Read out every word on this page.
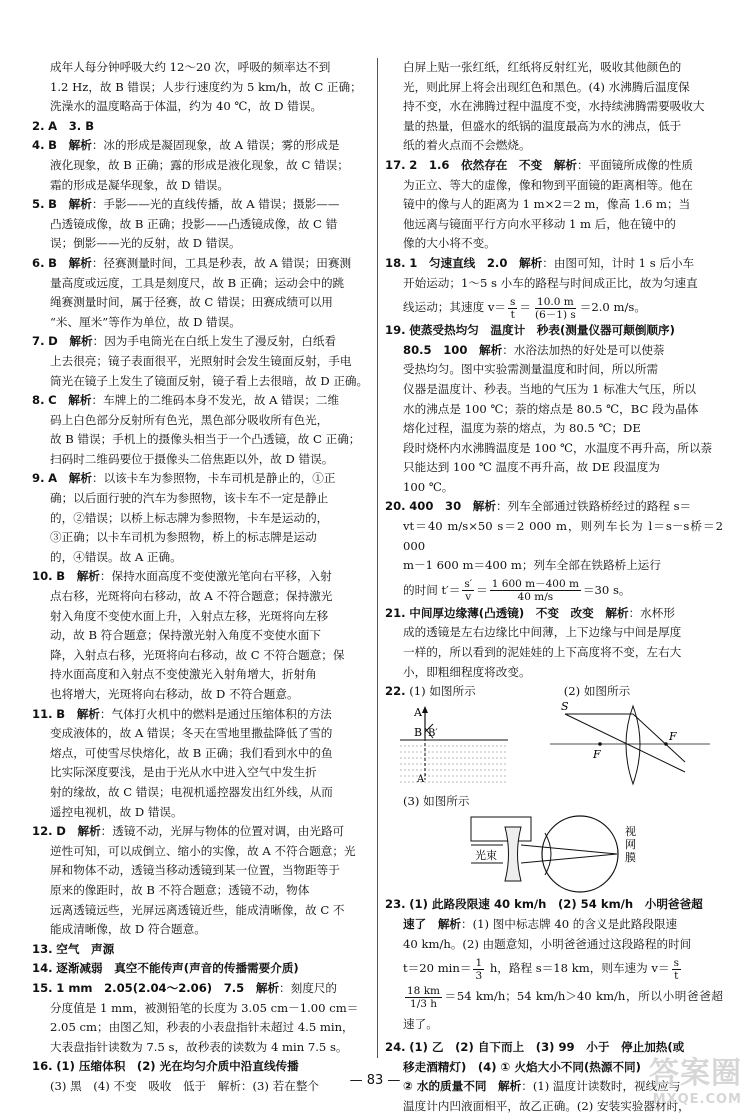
成年人每分钟呼吸大约 12～20 次，呼吸的频率达不到

1.2 Hz，故 B 错误；人步行速度约为 5 km/h，故 C 正确；

洗澡水的温度略高于体温，约为 40 ℃，故 D 错误。

2. A　3. B

4. B　 解析：冰的形成是凝固现象，故 A 错误；雾的形成是

液化现象，故 B 正确；露的形成是液化现象，故 C 错误；

霜的形成是凝华现象，故 D 错误。

5. B　 解析：手影——光的直线传播，故 A 错误；摄影——

凸透镜成像，故 B 正确；投影——凸透镜成像，故 C 错

误；倒影——光的反射，故 D 错误。

6. B　 解析：径赛测量时间，工具是秒表，故 A 错误；田赛测

量高度或远度，工具是刻度尺，故 B 正确；运动会中的跳

绳赛测量时间，属于径赛，故 C 错误；田赛成绩可以用

“米、厘米”等作为单位，故 D 错误。

7. D　 解析：因为手电筒光在白纸上发生了漫反射，白纸看

上去很亮；镜子表面很平，光照射时会发生镜面反射，手电

筒光在镜子上发生了镜面反射，镜子看上去很暗，故 D 正确。

8. C　 解析：车牌上的二维码本身不发光，故 A 错误；二维

码上白色部分反射所有色光，黑色部分吸收所有色光，

故 B 错误；手机上的摄像头相当于一个凸透镜，故 C 正确；

扫码时二维码要位于摄像头二倍焦距以外，故 D 错误。

9. A　 解析：以该卡车为参照物，卡车司机是静止的，①正

确；以后面行驶的汽车为参照物，该卡车不一定是静止

的，②错误；以桥上标志牌为参照物，卡车是运动的，

③正确；以卡车司机为参照物，桥上的标志牌是运动

的，④错误。故 A 正确。

10. B　 解析：保持水面高度不变使激光笔向右平移，入射

点右移，光斑将向右移动，故 A 不符合题意；保持激光

射入角度不变使水面上升，入射点左移，光斑将向左移

动，故 B 符合题意；保持激光射入角度不变使水面下

降，入射点右移，光斑将向右移动，故 C 不符合题意；保

持水面高度和入射点不变使激光入射角增大，折射角

也将增大，光斑将向右移动，故 D 不符合题意。

11. B　 解析：气体打火机中的燃料是通过压缩体积的方法

变成液体的，故 A 错误；冬天在雪地里撒盐降低了雪的

熔点，可使雪尽快熔化，故 B 正确；我们看到水中的鱼

比实际深度要浅，是由于光从水中进入空气中发生折

射的缘故，故 C 错误；电视机遥控器发出红外线，从而

遥控电视机，故 D 错误。

12. D　 解析：透镜不动，光屏与物体的位置对调，由光路可

逆性可知，可以成倒立、缩小的实像，故 A 不符合题意；光

屏和物体不动，透镜当移动透镜到某一位置，当物距等于

原来的像距时，故 B 不符合题意；透镜不动，物体

远离透镜远些，光屏远离透镜近些，能成清晰像，故 C 不

能成清晰像，故 D 符合题意。

13. 空气　声源

14. 逐渐减弱　真空不能传声(声音的传播需要介质)

15. 1 mm　2.05(2.04～2.06)　7.5　 解析：刻度尺的

分度值是 1 mm，被测铅笔的长度为 3.05 cm－1.00 cm＝

2.05 cm；由图乙知，秒表的小表盘指针未超过 4.5 min，

大表盘指针读数为 7.5 s，故秒表的读数为 4 min 7.5 s。

16. (1) 压缩体积　(2) 光在均匀介质中沿直线传播

(3) 黑　(4) 不变　吸收　低于　解析：(3) 若在整个

白屏上贴一张红纸，红纸将反射红光，吸收其他颜色的

光，则此屏上将会出现红色和黑色。(4) 水沸腾后温度保

持不变，水在沸腾过程中温度不变，水持续沸腾需要吸收大

量的热量，但盛水的纸锅的温度最高为水的沸点，低于

纸的着火点而不会燃烧。

17. 2　1.6　依然存在　不变　 解析：平面镜所成像的性质

为正立、等大的虚像，像和物到平面镜的距离相等。他在

镜中的像与人的距离为 1 m×2＝2 m，像高 1.6 m；当

他远离与镜面平行方向水平移动 1 m 后，他在镜中的

像的大小将不变。

18. 1　匀速直线　2.0　 解析：由图可知，计时 1 s 后小车

开始运动；1～5 s 小车的路程与时间成正比，故为匀速直

线运动；其速度 $v= \frac{s}{t} = \frac{10.0 m}{(6-1) s} =2.0$ m/s。

19. 使蒸受热均匀　温度计　秒表(测量仪器可颠倒顺序)

80.5　100　解析：水浴法加热的好处是可以使萘

受热均匀。图中实验需测量温度和时间，所以所需

仪器是温度计、秒表。当地的气压为 1 标准大气压，所以

水的沸点是 100 ℃；萘的熔点是 80.5 ℃，BC 段为晶体

熔化过程，温度为萘的熔点，为 80.5 ℃；DE

段时烧杯内水沸腾温度是 100 ℃，水温度不再升高，所以萘

只能达到 100 ℃ 温度不再升高，故 DE 段温度为

100 ℃。

20. 400　30　 解析：列车全部通过铁路桥经过的路程 s＝

vt＝40 m/s×50 s＝2 000 m，则列车长为 l＝s－s桥＝2 000

m－1 600 m＝400 m；列车全部在铁路桥上运行

的时间 $t'= \frac{s'}{v} = \frac{1 600 m-400 m}{40 m/s} =30$ s。

21. 中间厚边缘薄(凸透镜)　不变　改变　 解析：水杯形

成的透镜是左右边缘比中间薄，上下边缘与中间是厚度

一样的，所以看到的泥娃娃的上下高度将不变，左右大

小，即粗细程度将改变。

22. (1) 如图所示	(2) 如图所示

A
B B′
A′
S
F
F

(3) 如图所示

光束
视网膜

23. (1) 此路段限速 40 km/h　(2) 54 km/h　小明爸爸超

速了　 解析：(1) 图中标志牌 40 的含义是此路段限速

40 km/h。(2) 由题意知，小明爸爸通过这段路程的时间

t＝20 $\min= \frac{1}{3}$ h，路程 s＝18 km，则车速为 $v= \frac{s}{t}$

$\frac{18 km}{1/3 h} =54$ km/h；54 km/h＞40 km/h，所以小明爸爸超速了。

24. (1) 乙　(2) 自下而上　(3) 99　小于　停止加热(或

移走酒精灯)　(4) ① 火焰大小不同(热源不同)

② 水的质量不同　 解析：(1) 温度计读数时，视线应与

温度计内凹液面相平，故乙正确。(2) 安装实验器材时，

— 83 —	答案圈
MXQE.COM
